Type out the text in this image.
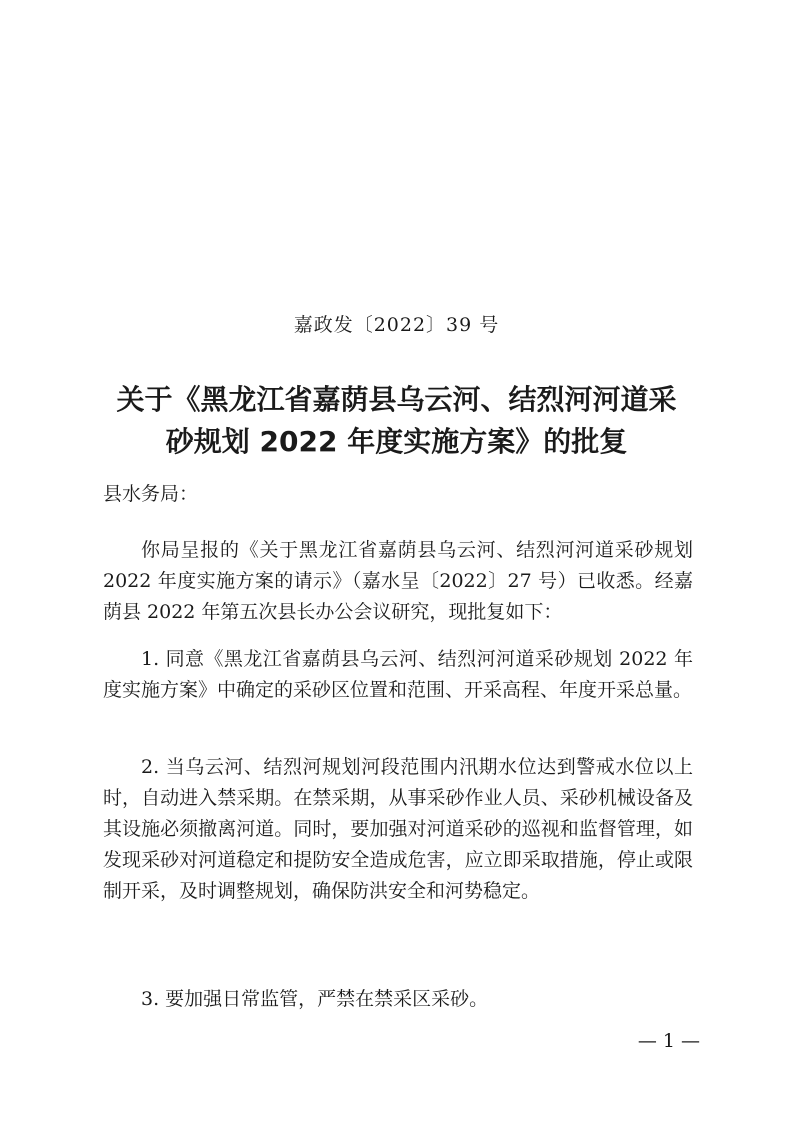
嘉政发〔2022〕39 号
关于《黑龙江省嘉荫县乌云河、结烈河河道采
砂规划 2022 年度实施方案》的批复
县水务局：
你局呈报的《关于黑龙江省嘉荫县乌云河、结烈河河道采砂规划 2022 年度实施方案的请示》（嘉水呈〔2022〕27 号）已收悉。经嘉荫县 2022 年第五次县长办公会议研究，现批复如下：
1. 同意《黑龙江省嘉荫县乌云河、结烈河河道采砂规划 2022 年度实施方案》中确定的采砂区位置和范围、开采高程、年度开采总量。
2. 当乌云河、结烈河规划河段范围内汛期水位达到警戒水位以上时，自动进入禁采期。在禁采期，从事采砂作业人员、采砂机械设备及其设施必须撤离河道。同时，要加强对河道采砂的巡视和监督管理，如发现采砂对河道稳定和提防安全造成危害，应立即采取措施，停止或限制开采，及时调整规划，确保防洪安全和河势稳定。
3. 要加强日常监管，严禁在禁采区采砂。
— 1 —
